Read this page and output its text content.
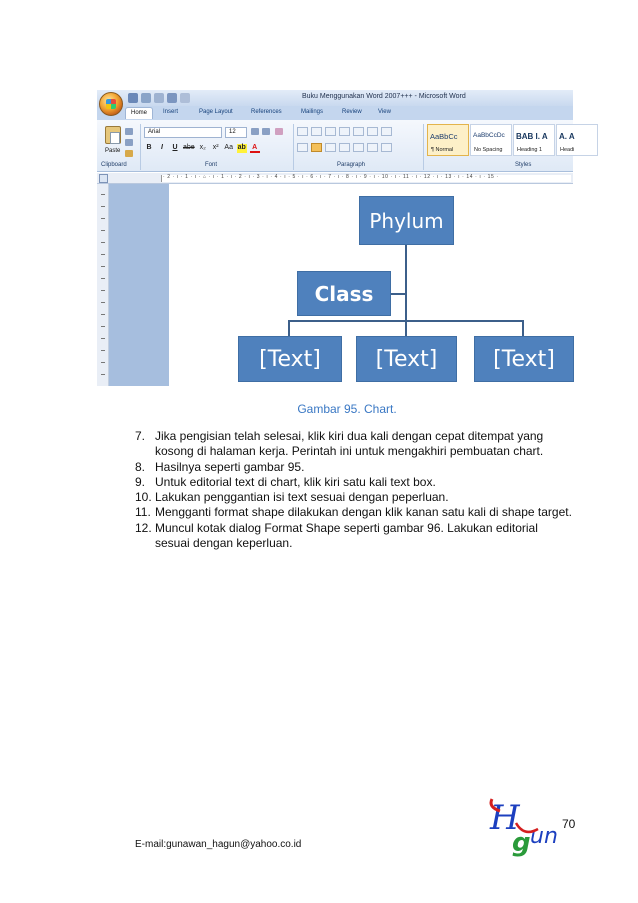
Buku Menggunakan Word 2007+++ - Microsoft Word
Home	Insert	Page Layout	References	Mailings	Review	View
Paste
Clipboard
Arial	12
B	I	U abe x₂ x² Aa ab A
Font	Paragraph
AaBbCc
¶ Normal
AaBbCcDc
No Spacing
BAB I. A
Heading 1
A. A
Headi
Styles
· 2 · ı · 1 · ı · ⌂ · ı · 1 · ı · 2 · ı · 3 · ı · 4 · ı · 5 · ı · 6 · ı · 7 · ı · 8 · ı · 9 · ı · 10 · ı · 11 · ı · 12 · ı · 13 · ı · 14 · ı · 15 ·
Phylum
Class
[Text]	[Text]	[Text]
Gambar 95. Chart.
7. Jika pengisian telah selesai, klik kiri dua kali dengan cepat ditempat yang kosong di halaman kerja. Perintah ini untuk mengakhiri pembuatan chart.
8. Hasilnya seperti gambar 95.
9. Untuk editorial text di chart, klik kiri satu kali text box.
10. Lakukan penggantian isi text sesuai dengan peperluan.
11. Mengganti format shape dilakukan dengan klik kanan satu kali di shape target.
12. Muncul kotak dialog Format Shape seperti gambar 96. Lakukan editorial sesuai dengan keperluan.
H
g un 70
E-mail:gunawan_hagun@yahoo.co.id
